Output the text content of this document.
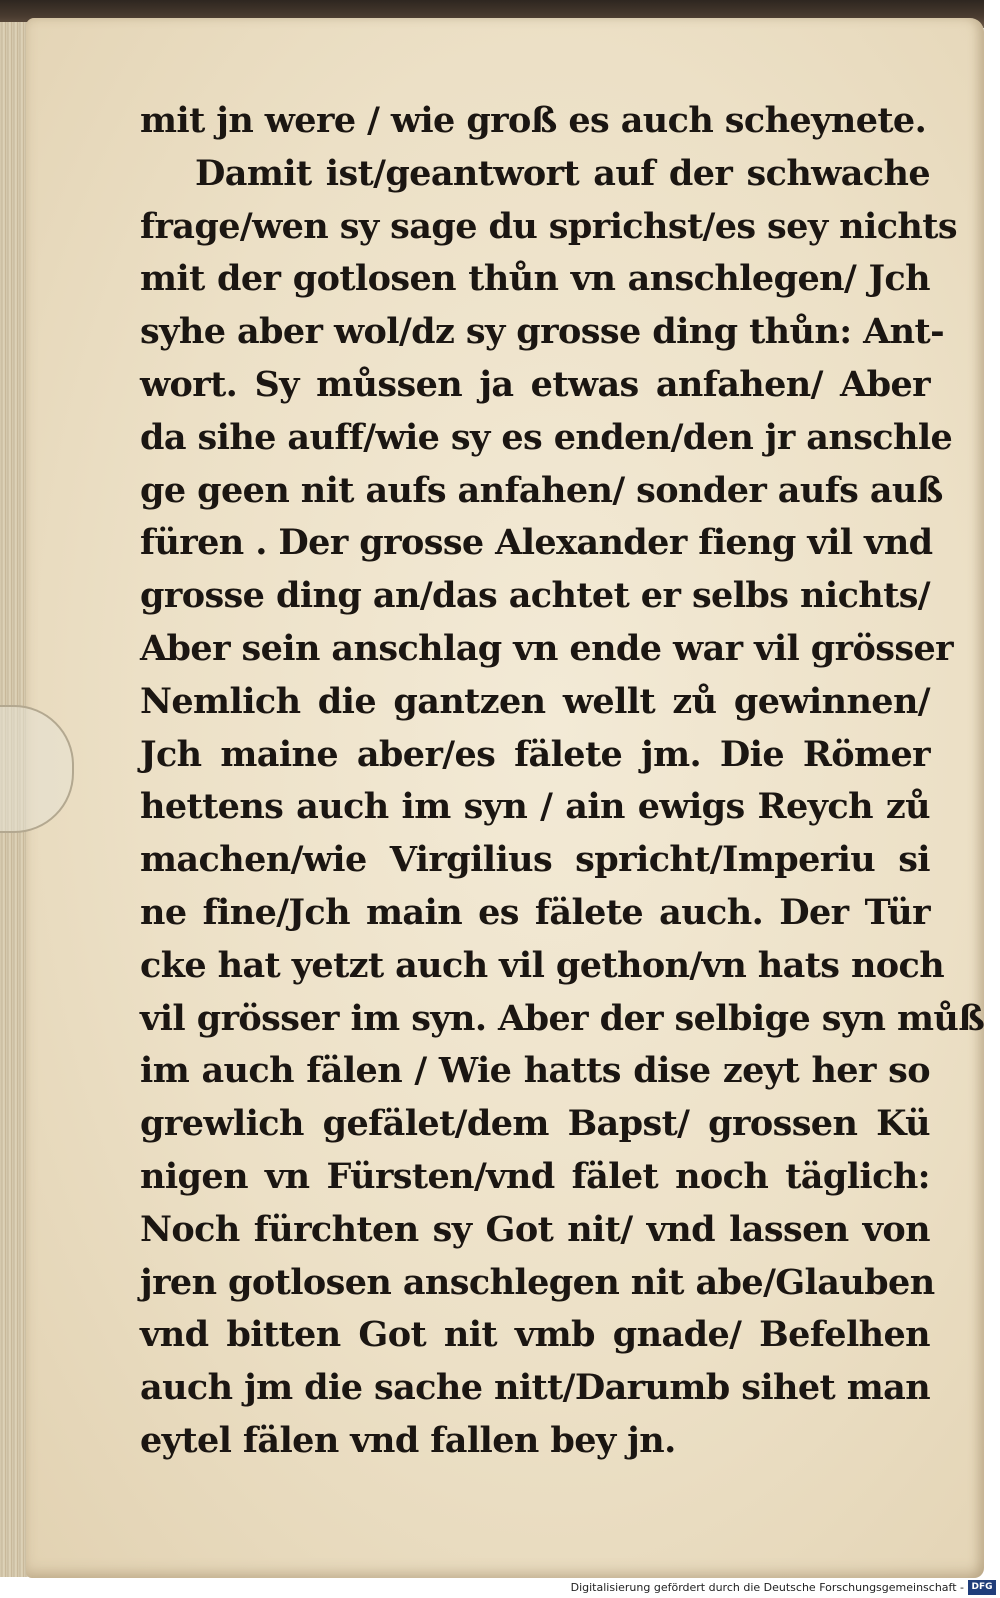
mit jn were / wie groß es auch scheynete.
Damit ist/geantwort auf der schwache
frage/wen sy sage du sprichst/es sey nichts
mit der gotlosen thůn vn anschlegen/ Jch
syhe aber wol/dz sy grosse ding thůn: Ant-
wort. Sy můssen ja etwas anfahen/ Aber
da sihe auff/wie sy es enden/den jr anschle
ge geen nit aufs anfahen/ sonder aufs auß
füren . Der grosse Alexander fieng vil vnd
grosse ding an/das achtet er selbs nichts/
Aber sein anschlag vn ende war vil grösser
Nemlich die gantzen wellt zů gewinnen/
Jch maine aber/es fälete jm. Die Römer
hettens auch im syn / ain ewigs Reych zů
machen/wie Virgilius spricht/Imperiu si
ne fine/Jch main es fälete auch. Der Tür
cke hat yetzt auch vil gethon/vn hats noch
vil grösser im syn. Aber der selbige syn můß
im auch fälen / Wie hatts dise zeyt her so
grewlich gefälet/dem Bapst/ grossen Kü
nigen vn Fürsten/vnd fälet noch täglich:
Noch fürchten sy Got nit/ vnd lassen von
jren gotlosen anschlegen nit abe/Glauben
vnd bitten Got nit vmb gnade/ Befelhen
auch jm die sache nitt/Darumb sihet man
eytel fälen vnd fallen bey jn.
Digitalisierung gefördert durch die Deutsche Forschungsgemeinschaft - DFG
